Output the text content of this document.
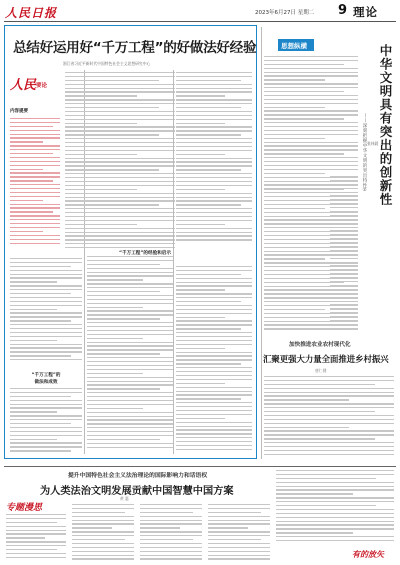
人民日报	2023年6月27日 星期二 9 理论
总结好运用好“千万工程”的好做法好经验
浙江省习近平新时代中国特色社会主义思想研究中心
人民 要论
内容提要
“千万工程”的
做法和成效
“千万工程”的经验和启示
思想纵横	中华文明具有突出的创新性
——深刻把握中华文明的突出特性② 张炜晨
加快推进农业农村现代化
汇聚更强大力量全面推进乡村振兴
唐仁健
提升中国特色社会主义法治理论的国际影响力和话语权
为人类法治文明发展贡献中国智慧中国方案
黄 惠
专题漫思
有的放矢
